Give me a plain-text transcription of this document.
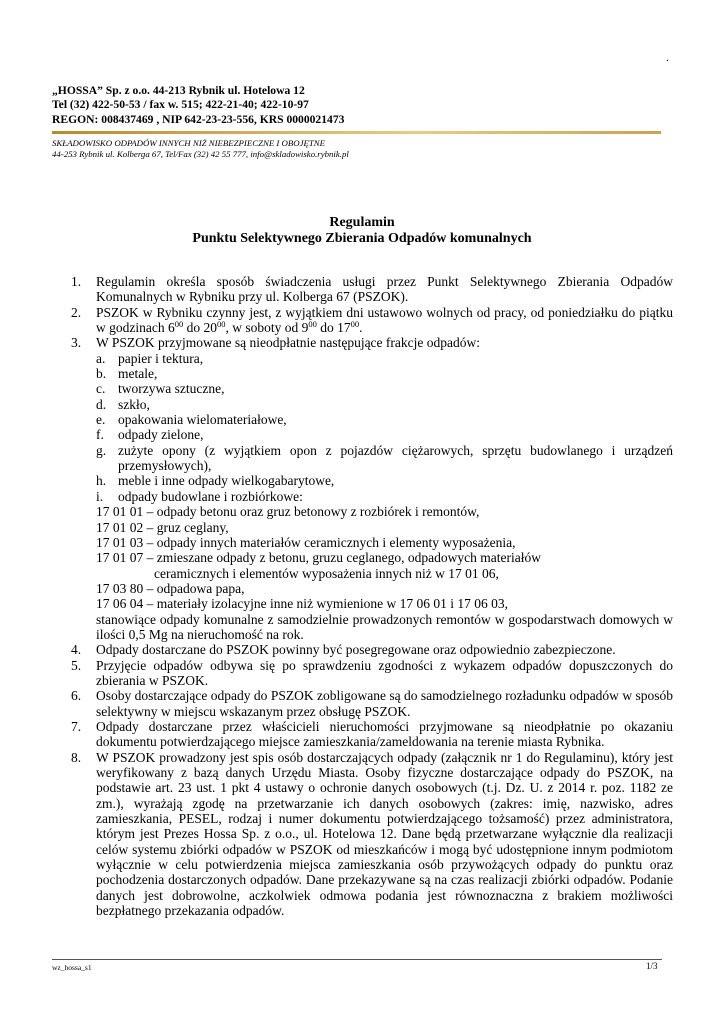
.
„HOSSA” Sp. z o.o. 44-213 Rybnik ul. Hotelowa 12
Tel (32) 422-50-53 / fax w. 515; 422-21-40; 422-10-97
REGON: 008437469 , NIP 642-23-23-556, KRS 0000021473
SKŁADOWISKO ODPADÓW INNYCH NIŻ NIEBEZPIECZNE I OBOJĘTNE
44-253 Rybnik ul. Kolberga 67, Tel/Fax (32) 42 55 777, info@skladowisko.rybnik.pl
Regulamin
Punktu Selektywnego Zbierania Odpadów komunalnych
1. Regulamin określa sposób świadczenia usługi przez Punkt Selektywnego Zbierania Odpadów Komunalnych w Rybniku przy ul. Kolberga 67 (PSZOK).
2. PSZOK w Rybniku czynny jest, z wyjątkiem dni ustawowo wolnych od pracy, od poniedziałku do piątku w godzinach $6^{00}$ do $20^{00}$, w soboty od $9^{00}$ do $17^{00}$.
3. W PSZOK przyjmowane są nieodpłatnie następujące frakcje odpadów:
a. papier i tektura,
b. metale,
c. tworzywa sztuczne,
d. szkło,
e. opakowania wielomateriałowe,
f. odpady zielone,
g. zużyte opony (z wyjątkiem opon z pojazdów ciężarowych, sprzętu budowlanego i urządzeń przemysłowych),
h. meble i inne odpady wielkogabarytowe,
i. odpady budowlane i rozbiórkowe:
17 01 01 – odpady betonu oraz gruz betonowy z rozbiórek i remontów,
17 01 02 – gruz ceglany,
17 01 03 – odpady innych materiałów ceramicznych i elementy wyposażenia,
17 01 07 – zmieszane odpady z betonu, gruzu ceglanego, odpadowych materiałów
ceramicznych i elementów wyposażenia innych niż w 17 01 06,
17 03 80 – odpadowa papa,
17 06 04 – materiały izolacyjne inne niż wymienione w 17 06 01 i 17 06 03,
stanowiące odpady komunalne z samodzielnie prowadzonych remontów w gospodarstwach domowych w ilości 0,5 Mg na nieruchomość na rok.
4. Odpady dostarczane do PSZOK powinny być posegregowane oraz odpowiednio zabezpieczone.
5. Przyjęcie odpadów odbywa się po sprawdzeniu zgodności z wykazem odpadów dopuszczonych do zbierania w PSZOK.
6. Osoby dostarczające odpady do PSZOK zobligowane są do samodzielnego rozładunku odpadów w sposób selektywny w miejscu wskazanym przez obsługę PSZOK.
7. Odpady dostarczane przez właścicieli nieruchomości przyjmowane są nieodpłatnie po okazaniu dokumentu potwierdzającego miejsce zamieszkania/zameldowania na terenie miasta Rybnika.
8. W PSZOK prowadzony jest spis osób dostarczających odpady (załącznik nr 1 do Regulaminu), który jest weryfikowany z bazą danych Urzędu Miasta. Osoby fizyczne dostarczające odpady do PSZOK, na podstawie art. 23 ust. 1 pkt 4 ustawy o ochronie danych osobowych (t.j. Dz. U. z 2014 r. poz. 1182 ze zm.), wyrażają zgodę na przetwarzanie ich danych osobowych (zakres: imię, nazwisko, adres zamieszkania, PESEL, rodzaj i numer dokumentu potwierdzającego tożsamość) przez administratora, którym jest Prezes Hossa Sp. z o.o., ul. Hotelowa 12. Dane będą przetwarzane wyłącznie dla realizacji celów systemu zbiórki odpadów w PSZOK od mieszkańców i mogą być udostępnione innym podmiotom wyłącznie w celu potwierdzenia miejsca zamieszkania osób przywożących odpady do punktu oraz pochodzenia dostarczonych odpadów. Dane przekazywane są na czas realizacji zbiórki odpadów. Podanie danych jest dobrowolne, aczkolwiek odmowa podania jest równoznaczna z brakiem możliwości bezpłatnego przekazania odpadów.
wz_hossa_s1	1/3
